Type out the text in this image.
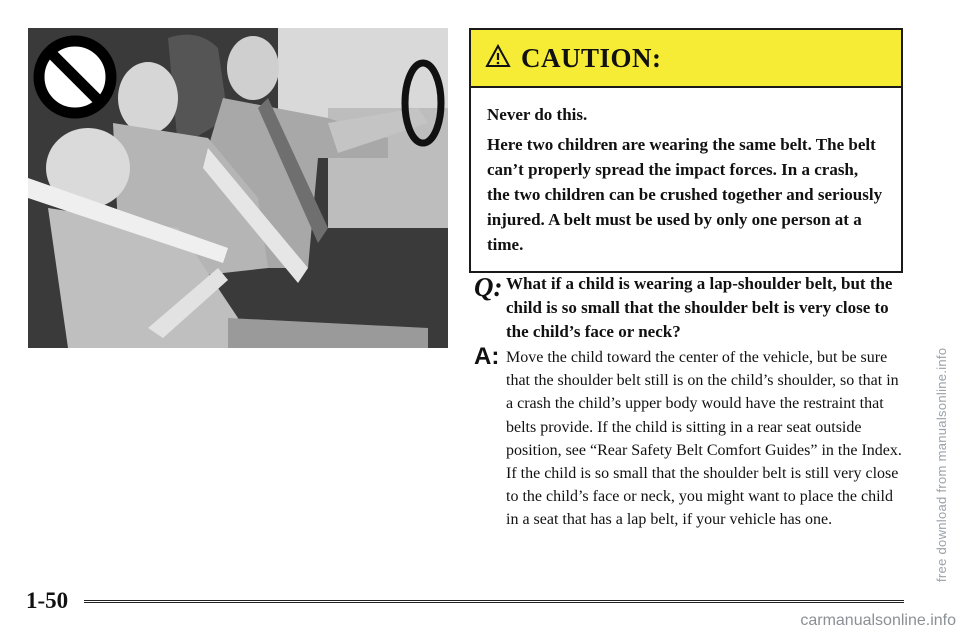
CAUTION:

Never do this.

Here two children are wearing the same belt. The belt can’t properly spread the impact forces. In a crash, the two children can be crushed together and seriously injured. A belt must be used by only one person at a time.

Q: What if a child is wearing a lap-shoulder belt, but the child is so small that the shoulder belt is very close to the child’s face or neck?
A: Move the child toward the center of the vehicle, but be sure that the shoulder belt still is on the child’s shoulder, so that in a crash the child’s upper body would have the restraint that belts provide. If the child is sitting in a rear seat outside position, see “Rear Safety Belt Comfort Guides” in the Index. If the child is so small that the shoulder belt is still very close to the child’s face or neck, you might want to place the child in a seat that has a lap belt, if your vehicle has one.
1-50
free download from manualsonline.info
carmanualsonline.info
